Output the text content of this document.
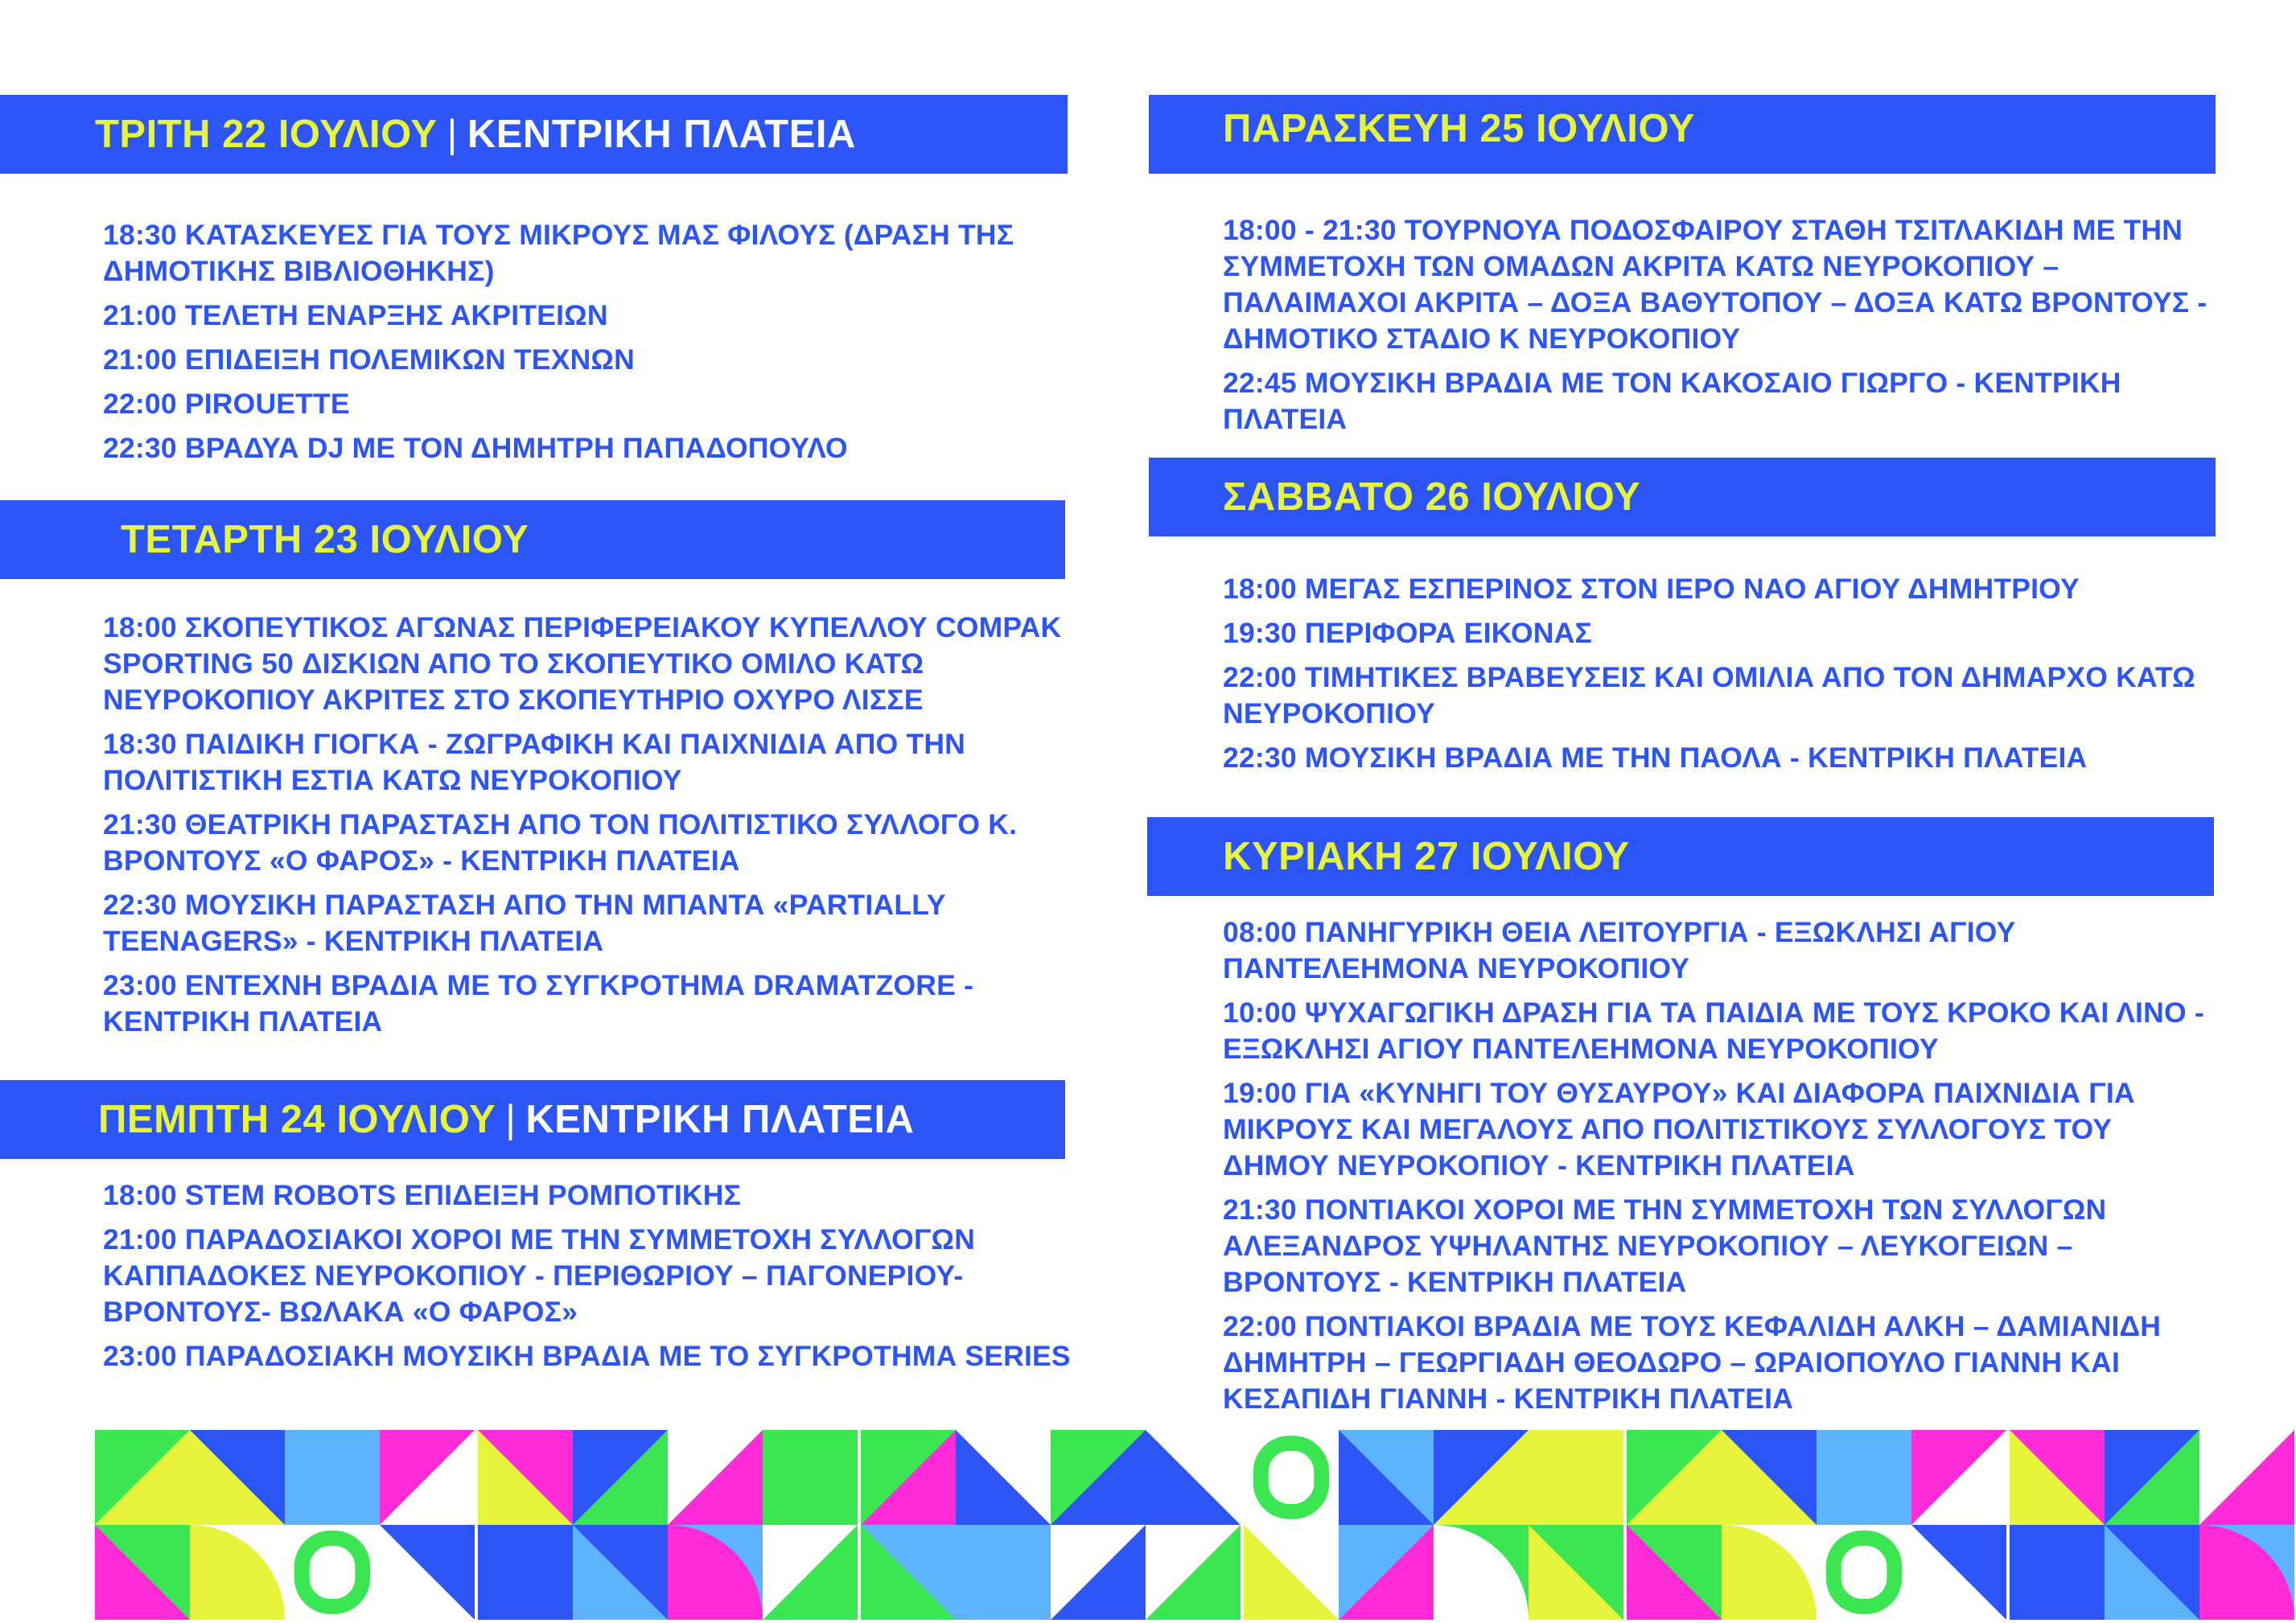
ΤΡΙΤΗ 22 ΙΟΥΛΙΟΥ | ΚΕΝΤΡΙΚΗ ΠΛΑΤΕΙΑ

18:30 ΚΑΤΑΣΚΕΥΕΣ ΓΙΑ ΤΟΥΣ ΜΙΚΡΟΥΣ ΜΑΣ ΦΙΛΟΥΣ (ΔΡΑΣΗ ΤΗΣ ΔΗΜΟΤΙΚΗΣ ΒΙΒΛΙΟΘΗΚΗΣ)

21:00 ΤΕΛΕΤΗ ΕΝΑΡΞΗΣ ΑΚΡΙΤΕΙΩΝ

21:00 ΕΠΙΔΕΙΞΗ ΠΟΛΕΜΙΚΩΝ ΤΕΧΝΩΝ

22:00 PIROUETTE

22:30 ΒΡΑΔΥΑ DJ ΜΕ ΤΟΝ ΔΗΜΗΤΡΗ ΠΑΠΑΔΟΠΟΥΛΟ

ΤΕΤΑΡΤΗ 23 ΙΟΥΛΙΟΥ

18:00 ΣΚΟΠΕΥΤΙΚΟΣ ΑΓΩΝΑΣ ΠΕΡΙΦΕΡΕΙΑΚΟΥ ΚΥΠΕΛΛΟΥ COMPAK SPORTING 50 ΔΙΣΚΙΩΝ ΑΠΟ ΤΟ ΣΚΟΠΕΥΤΙΚΟ ΟΜΙΛΟ ΚΑΤΩ ΝΕΥΡΟΚΟΠΙΟΥ ΑΚΡΙΤΕΣ ΣΤΟ ΣΚΟΠΕΥΤΗΡΙΟ ΟΧΥΡΟ ΛΙΣΣΕ

18:30 ΠΑΙΔΙΚΗ ΓΙΟΓΚΑ - ΖΩΓΡΑΦΙΚΗ ΚΑΙ ΠΑΙΧΝΙΔΙΑ ΑΠΟ ΤΗΝ ΠΟΛΙΤΙΣΤΙΚΗ ΕΣΤΙΑ ΚΑΤΩ ΝΕΥΡΟΚΟΠΙΟΥ

21:30 ΘΕΑΤΡΙΚΗ ΠΑΡΑΣΤΑΣΗ ΑΠΟ ΤΟΝ ΠΟΛΙΤΙΣΤΙΚΟ ΣΥΛΛΟΓΟ Κ. ΒΡΟΝΤΟΥΣ «Ο ΦΑΡΟΣ» - ΚΕΝΤΡΙΚΗ ΠΛΑΤΕΙΑ

22:30 ΜΟΥΣΙΚΗ ΠΑΡΑΣΤΑΣΗ ΑΠΟ ΤΗΝ ΜΠΑΝΤΑ «PARTIALLY TEENAGERS» - ΚΕΝΤΡΙΚΗ ΠΛΑΤΕΙΑ

23:00 ΕΝΤΕΧΝΗ ΒΡΑΔΙΑ ΜΕ ΤΟ ΣΥΓΚΡΟΤΗΜΑ DRAMATZORE - ΚΕΝΤΡΙΚΗ ΠΛΑΤΕΙΑ

ΠΕΜΠΤΗ 24 ΙΟΥΛΙΟΥ | ΚΕΝΤΡΙΚΗ ΠΛΑΤΕΙΑ

18:00 STEM ROBOTS ΕΠΙΔΕΙΞΗ ΡΟΜΠΟΤΙΚΗΣ

21:00 ΠΑΡΑΔΟΣΙΑΚΟΙ ΧΟΡΟΙ ΜΕ ΤΗΝ ΣΥΜΜΕΤΟΧΗ ΣΥΛΛΟΓΩΝ ΚΑΠΠΑΔΟΚΕΣ ΝΕΥΡΟΚΟΠΙΟΥ - ΠΕΡΙΘΩΡΙΟΥ – ΠΑΓΟΝΕΡΙΟΥ- ΒΡΟΝΤΟΥΣ- ΒΩΛΑΚΑ «Ο ΦΑΡΟΣ»

23:00 ΠΑΡΑΔΟΣΙΑΚΗ ΜΟΥΣΙΚΗ ΒΡΑΔΙΑ ΜΕ ΤΟ ΣΥΓΚΡΟΤΗΜΑ SERIES

ΠΑΡΑΣΚΕΥΗ 25 ΙΟΥΛΙΟΥ

18:00 - 21:30 ΤΟΥΡΝΟΥΑ ΠΟΔΟΣΦΑΙΡΟΥ ΣΤΑΘΗ ΤΣΙΤΛΑΚΙΔΗ ΜΕ ΤΗΝ ΣΥΜΜΕΤΟΧΗ ΤΩΝ ΟΜΑΔΩΝ ΑΚΡΙΤΑ ΚΑΤΩ ΝΕΥΡΟΚΟΠΙΟΥ – ΠΑΛΑΙΜΑΧΟΙ ΑΚΡΙΤΑ – ΔΟΞΑ ΒΑΘΥΤΟΠΟΥ – ΔΟΞΑ ΚΑΤΩ ΒΡΟΝΤΟΥΣ - ΔΗΜΟΤΙΚΟ ΣΤΑΔΙΟ Κ ΝΕΥΡΟΚΟΠΙΟΥ

22:45 ΜΟΥΣΙΚΗ ΒΡΑΔΙΑ ΜΕ ΤΟΝ ΚΑΚΟΣΑΙΟ ΓΙΩΡΓΟ - ΚΕΝΤΡΙΚΗ ΠΛΑΤΕΙΑ

ΣΑΒΒΑΤΟ 26 ΙΟΥΛΙΟΥ

18:00 ΜΕΓΑΣ ΕΣΠΕΡΙΝΟΣ ΣΤΟΝ ΙΕΡΟ ΝΑΟ ΑΓΙΟΥ ΔΗΜΗΤΡΙΟΥ

19:30 ΠΕΡΙΦΟΡΑ ΕΙΚΟΝΑΣ

22:00 ΤΙΜΗΤΙΚΕΣ ΒΡΑΒΕΥΣΕΙΣ ΚΑΙ ΟΜΙΛΙΑ ΑΠΟ ΤΟΝ ΔΗΜΑΡΧΟ ΚΑΤΩ ΝΕΥΡΟΚΟΠΙΟΥ

22:30 ΜΟΥΣΙΚΗ ΒΡΑΔΙΑ ΜΕ ΤΗΝ ΠΑΟΛΑ - ΚΕΝΤΡΙΚΗ ΠΛΑΤΕΙΑ

ΚΥΡΙΑΚΗ 27 ΙΟΥΛΙΟΥ

08:00 ΠΑΝΗΓΥΡΙΚΗ ΘΕΙΑ ΛΕΙΤΟΥΡΓΙΑ - ΕΞΩΚΛΗΣΙ ΑΓΙΟΥ ΠΑΝΤΕΛΕΗΜΟΝΑ ΝΕΥΡΟΚΟΠΙΟΥ

10:00 ΨΥΧΑΓΩΓΙΚΗ ΔΡΑΣΗ ΓΙΑ ΤΑ ΠΑΙΔΙΑ ΜΕ ΤΟΥΣ ΚΡΟΚΟ ΚΑΙ ΛΙΝΟ - ΕΞΩΚΛΗΣΙ ΑΓΙΟΥ ΠΑΝΤΕΛΕΗΜΟΝΑ ΝΕΥΡΟΚΟΠΙΟΥ

19:00 ΓΙΑ «ΚΥΝΗΓΙ ΤΟΥ ΘΥΣΑΥΡΟΥ» ΚΑΙ ΔΙΑΦΟΡΑ ΠΑΙΧΝΙΔΙΑ ΓΙΑ ΜΙΚΡΟΥΣ ΚΑΙ ΜΕΓΑΛΟΥΣ ΑΠΟ ΠΟΛΙΤΙΣΤΙΚΟΥΣ ΣΥΛΛΟΓΟΥΣ ΤΟΥ ΔΗΜΟΥ ΝΕΥΡΟΚΟΠΙΟΥ - ΚΕΝΤΡΙΚΗ ΠΛΑΤΕΙΑ

21:30 ΠΟΝΤΙΑΚΟΙ ΧΟΡΟΙ ΜΕ ΤΗΝ ΣΥΜΜΕΤΟΧΗ ΤΩΝ ΣΥΛΛΟΓΩΝ ΑΛΕΞΑΝΔΡΟΣ ΥΨΗΛΑΝΤΗΣ ΝΕΥΡΟΚΟΠΙΟΥ – ΛΕΥΚΟΓΕΙΩΝ – ΒΡΟΝΤΟΥΣ - ΚΕΝΤΡΙΚΗ ΠΛΑΤΕΙΑ

22:00 ΠΟΝΤΙΑΚΟΙ ΒΡΑΔΙΑ ΜΕ ΤΟΥΣ ΚΕΦΑΛΙΔΗ ΑΛΚΗ – ΔΑΜΙΑΝΙΔΗ ΔΗΜΗΤΡΗ – ΓΕΩΡΓΙΑΔΗ ΘΕΟΔΩΡΟ – ΩΡΑΙΟΠΟΥΛΟ ΓΙΑΝΝΗ ΚΑΙ ΚΕΣΑΠΙΔΗ ΓΙΑΝΝΗ - ΚΕΝΤΡΙΚΗ ΠΛΑΤΕΙΑ
